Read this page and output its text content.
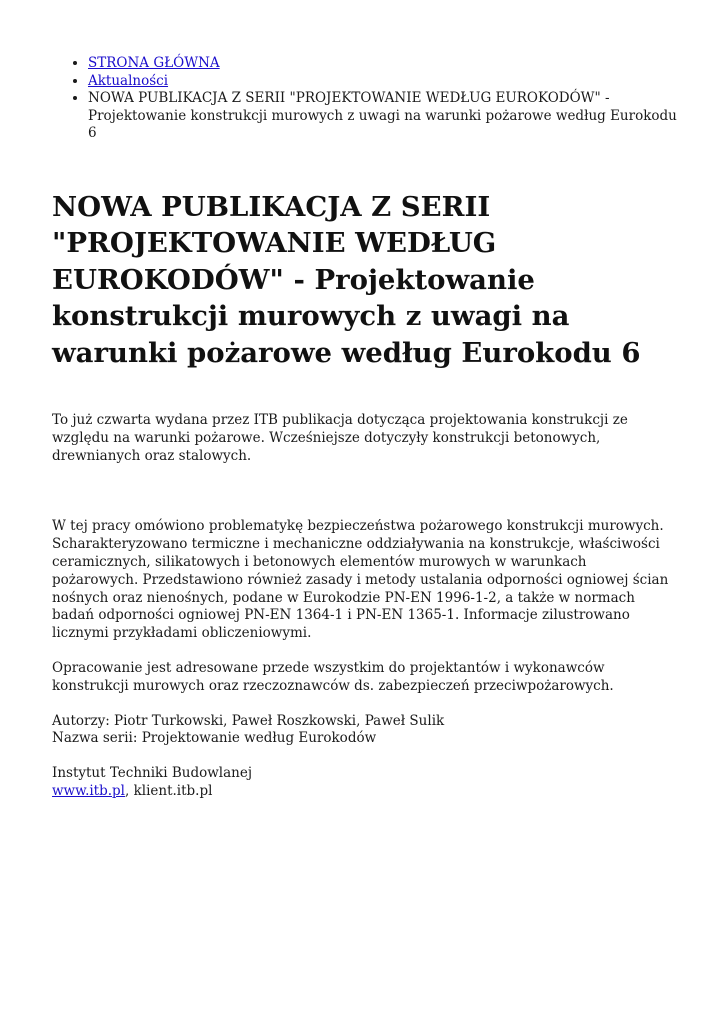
• STRONA GŁÓWNA
• Aktualności
• NOWA PUBLIKACJA Z SERII "PROJEKTOWANIE WEDŁUG EUROKODÓW" - Projektowanie konstrukcji murowych z uwagi na warunki pożarowe według Eurokodu 6
NOWA PUBLIKACJA Z SERII "PROJEKTOWANIE WEDŁUG EUROKODÓW" - Projektowanie konstrukcji murowych z uwagi na warunki pożarowe według Eurokodu 6

To już czwarta wydana przez ITB publikacja dotycząca projektowania konstrukcji ze względu na warunki pożarowe. Wcześniejsze dotyczyły konstrukcji betonowych, drewnianych oraz stalowych.

W tej pracy omówiono problematykę bezpieczeństwa pożarowego konstrukcji murowych. Scharakteryzowano termiczne i mechaniczne oddziaływania na konstrukcje, właściwości ceramicznych, silikatowych i betonowych elementów murowych w warunkach pożarowych. Przedstawiono również zasady i metody ustalania odporności ogniowej ścian nośnych oraz nienośnych, podane w Eurokodzie PN-EN 1996-1-2, a także w normach badań odporności ogniowej PN-EN 1364-1 i PN-EN 1365-1. Informacje zilustrowano licznymi przykładami obliczeniowymi.

Opracowanie jest adresowane przede wszystkim do projektantów i wykonawców konstrukcji murowych oraz rzeczoznawców ds. zabezpieczeń przeciwpożarowych.

Autorzy: Piotr Turkowski, Paweł Roszkowski, Paweł Sulik
Nazwa serii: Projektowanie według Eurokodów

Instytut Techniki Budowlanej
www.itb.pl, klient.itb.pl
